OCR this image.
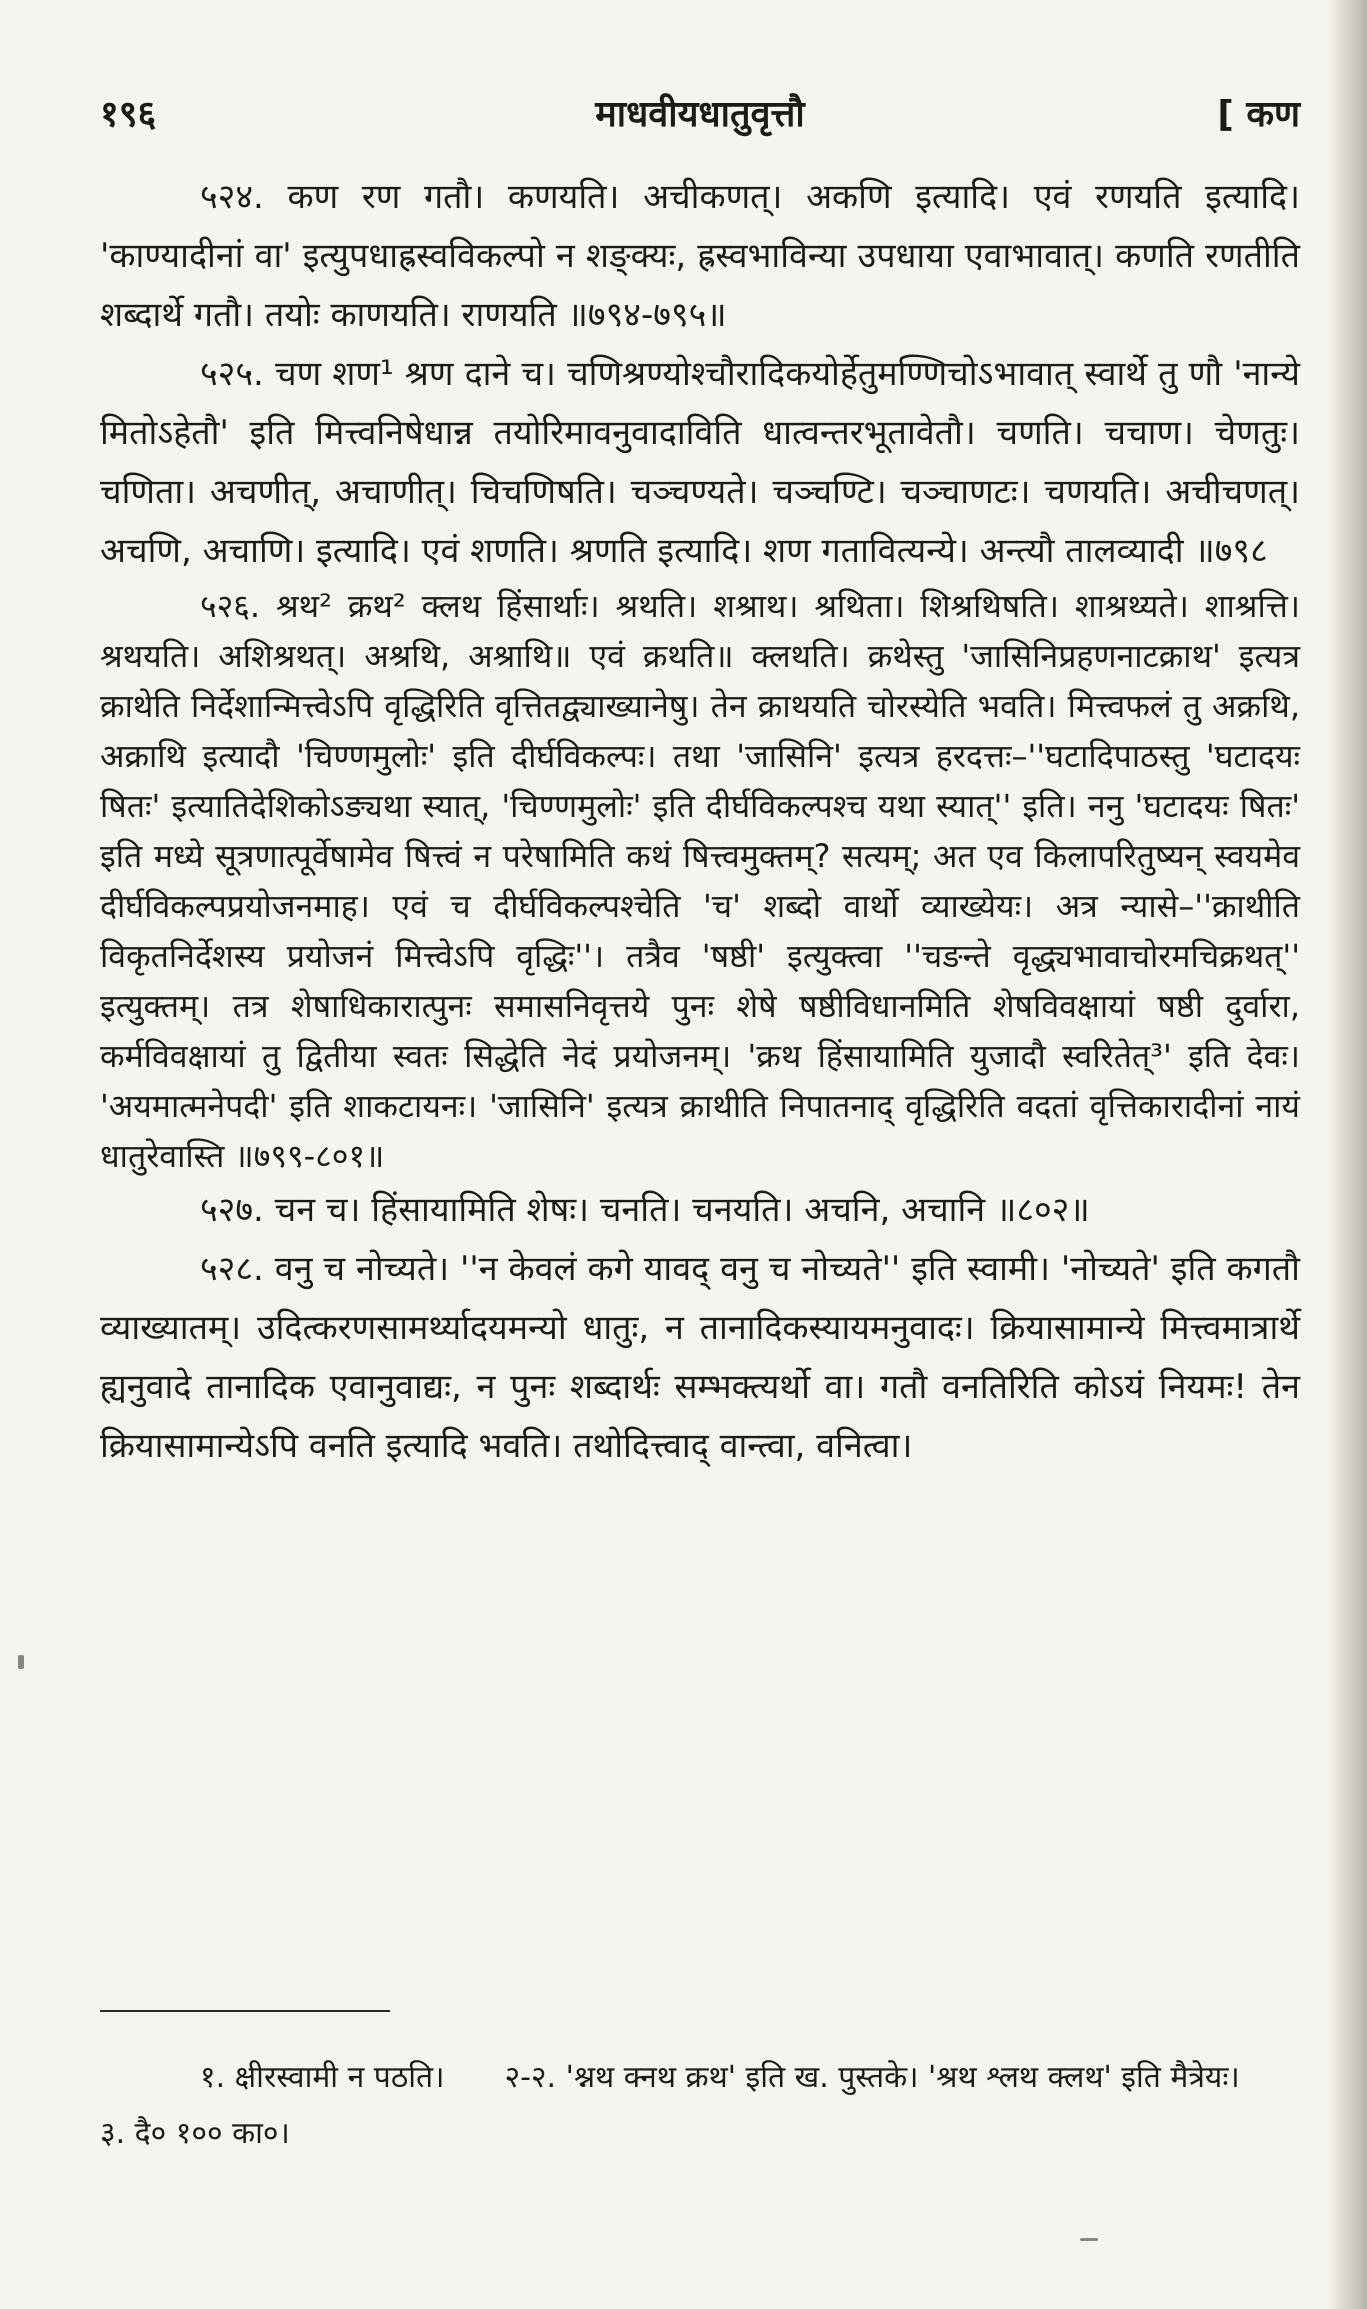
१९६	माधवीयधातुवृत्तौ	[ कण

५२४. कण रण गतौ। कणयति। अचीकणत्। अकणि इत्यादि। एवं रणयति इत्यादि। 'काण्यादीनां वा' इत्युपधाह्रस्वविकल्पो न शङ्क्यः, ह्रस्वभाविन्या उपधाया एवाभावात्। कणति रणतीति शब्दार्थे गतौ। तयोः काणयति। राणयति ॥७९४-७९५॥

५२५. चण शण¹ श्रण दाने च। चणिश्रण्योश्चौरादिकयोर्हेतुमण्णिचोऽभावात् स्वार्थे तु णौ 'नान्ये मितोऽहेतौ' इति मित्त्वनिषेधान्न तयोरिमावनुवादाविति धात्वन्तरभूतावेतौ। चणति। चचाण। चेणतुः। चणिता। अचणीत्, अचाणीत्। चिचणिषति। चञ्चण्यते। चञ्चण्टि। चञ्चाणटः। चणयति। अचीचणत्। अचणि, अचाणि। इत्यादि। एवं शणति। श्रणति इत्यादि। शण गतावित्यन्ये। अन्त्यौ तालव्यादी ॥७९८

५२६. श्रथ² क्रथ² क्लथ हिंसार्थाः। श्रथति। शश्राथ। श्रथिता। शिश्रथिषति। शाश्रथ्यते। शाश्रत्ति। श्रथयति। अशिश्रथत्। अश्रथि, अश्राथि॥ एवं क्रथति॥ क्लथति। क्रथेस्तु 'जासिनिप्रहणनाटक्राथ' इत्यत्र क्राथेति निर्देशान्मित्त्वेऽपि वृद्धिरिति वृत्तितद्व्याख्यानेषु। तेन क्राथयति चोरस्येति भवति। मित्त्वफलं तु अक्रथि, अक्राथि इत्यादौ 'चिण्णमुलोः' इति दीर्घविकल्पः। तथा 'जासिनि' इत्यत्र हरदत्तः–''घटादिपाठस्तु 'घटादयः षितः' इत्यातिदेशिकोऽङ्यथा स्यात्, 'चिण्णमुलोः' इति दीर्घविकल्पश्च यथा स्यात्'' इति। ननु 'घटादयः षितः' इति मध्ये सूत्रणात्पूर्वेषामेव षित्त्वं न परेषामिति कथं षित्त्वमुक्तम्? सत्यम्; अत एव किलापरितुष्यन् स्वयमेव दीर्घविकल्पप्रयोजनमाह। एवं च दीर्घविकल्पश्चेति 'च' शब्दो वार्थो व्याख्येयः। अत्र न्यासे–''क्राथीति विकृतनिर्देशस्य प्रयोजनं मित्त्वेऽपि वृद्धिः''। तत्रैव 'षष्ठी' इत्युक्त्वा ''चङन्ते वृद्ध्यभावाचोरमचिक्रथत्'' इत्युक्तम्। तत्र शेषाधिकारात्पुनः समासनिवृत्तये पुनः शेषे षष्ठीविधानमिति शेषविवक्षायां षष्ठी दुर्वारा, कर्मविवक्षायां तु द्वितीया स्वतः सिद्धेति नेदं प्रयोजनम्। 'क्रथ हिंसायामिति युजादौ स्वरितेत्³' इति देवः। 'अयमात्मनेपदी' इति शाकटायनः। 'जासिनि' इत्यत्र क्राथीति निपातनाद् वृद्धिरिति वदतां वृत्तिकारादीनां नायं धातुरेवास्ति ॥७९९-८०१॥

५२७. चन च। हिंसायामिति शेषः। चनति। चनयति। अचनि, अचानि ॥८०२॥

५२८. वनु च नोच्यते। ''न केवलं कगे यावद् वनु च नोच्यते'' इति स्वामी। 'नोच्यते' इति कगतौ व्याख्यातम्। उदित्करणसामर्थ्यादयमन्यो धातुः, न तानादिकस्यायमनुवादः। क्रियासामान्ये मित्त्वमात्रार्थे ह्यनुवादे तानादिक एवानुवाद्यः, न पुनः शब्दार्थः सम्भक्त्यर्थो वा। गतौ वनतिरिति कोऽयं नियमः! तेन क्रियासामान्येऽपि वनति इत्यादि भवति। तथोदित्त्वाद् वान्त्वा, वनित्वा।

१. क्षीरस्वामी न पठति। २-२. 'श्नथ क्नथ क्रथ' इति ख. पुस्तके। 'श्रथ श्लथ क्लथ' इति मैत्रेयः।३. दै० १०० का०।
